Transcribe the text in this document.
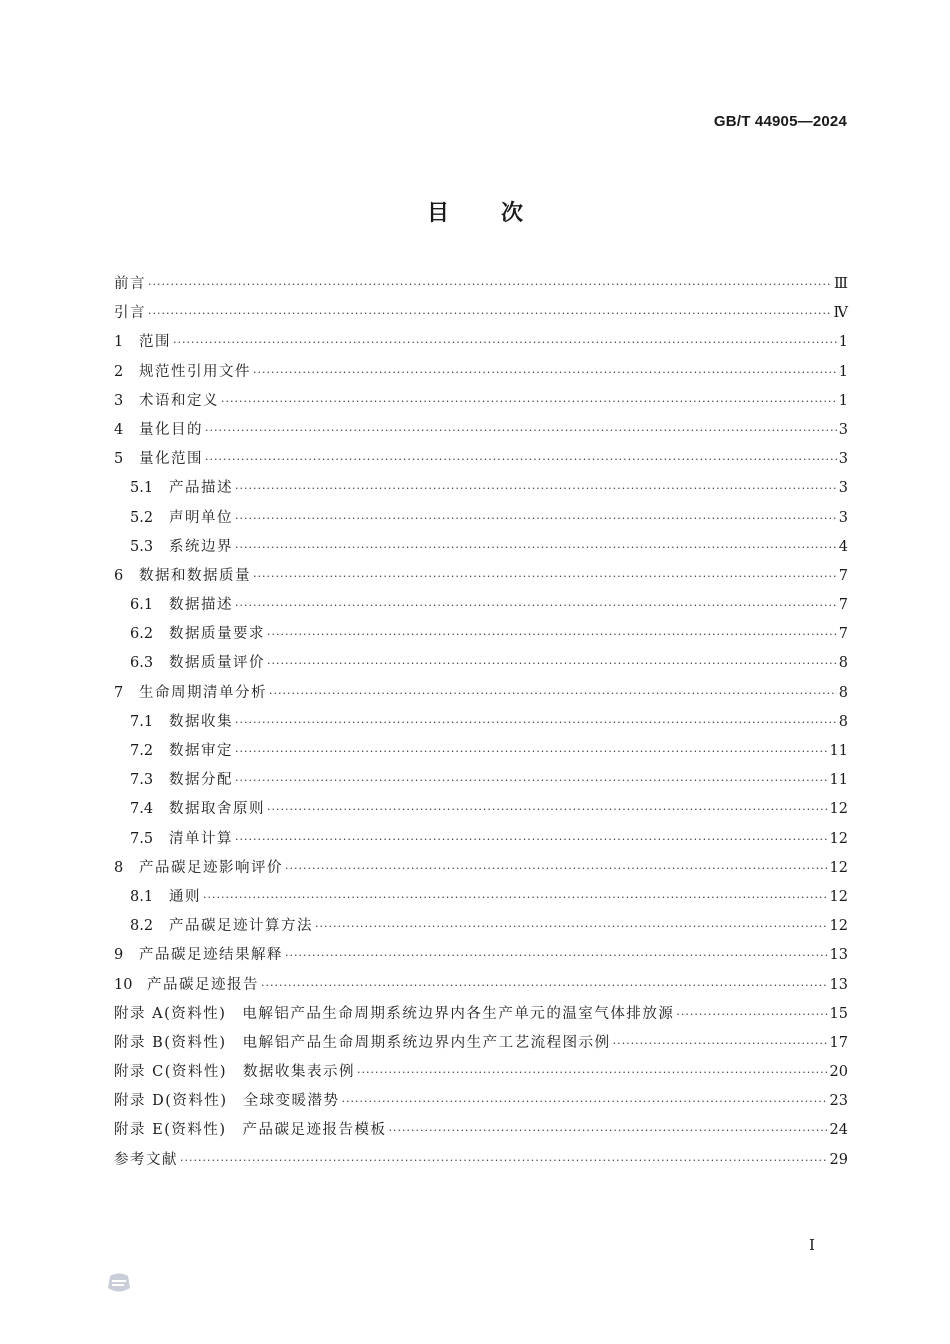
GB/T 44905—2024
目次
前言 ·····	Ⅲ
引言 ·····	Ⅳ
1	范围 ·····	1
2	规范性引用文件 ·····	1
3	术语和定义 ·····	1
4	量化目的 ·····	3
5	量化范围 ·····	3
5.1	产品描述 ·····	3
5.2	声明单位 ·····	3
5.3	系统边界 ·····	4
6	数据和数据质量 ·····	7
6.1	数据描述 ·····	7
6.2	数据质量要求 ·····	7
6.3	数据质量评价 ·····	8
7	生命周期清单分析 ·····	8
7.1	数据收集 ·····	8
7.2	数据审定 ·····	11
7.3	数据分配 ·····	11
7.4	数据取舍原则 ·····	12
7.5	清单计算 ·····	12
8	产品碳足迹影响评价 ·····	12
8.1	通则 ·····	12
8.2	产品碳足迹计算方法 ·····	12
9	产品碳足迹结果解释 ·····	13
10	产品碳足迹报告 ·····	13
附录 A(资料性) 电解铝产品生命周期系统边界内各生产单元的温室气体排放源 ·····	15
附录 B(资料性) 电解铝产品生命周期系统边界内生产工艺流程图示例 ·····	17
附录 C(资料性) 数据收集表示例 ·····	20
附录 D(资料性) 全球变暖潜势 ·····	23
附录 E(资料性) 产品碳足迹报告模板 ·····	24
参考文献 ·····	29
I
